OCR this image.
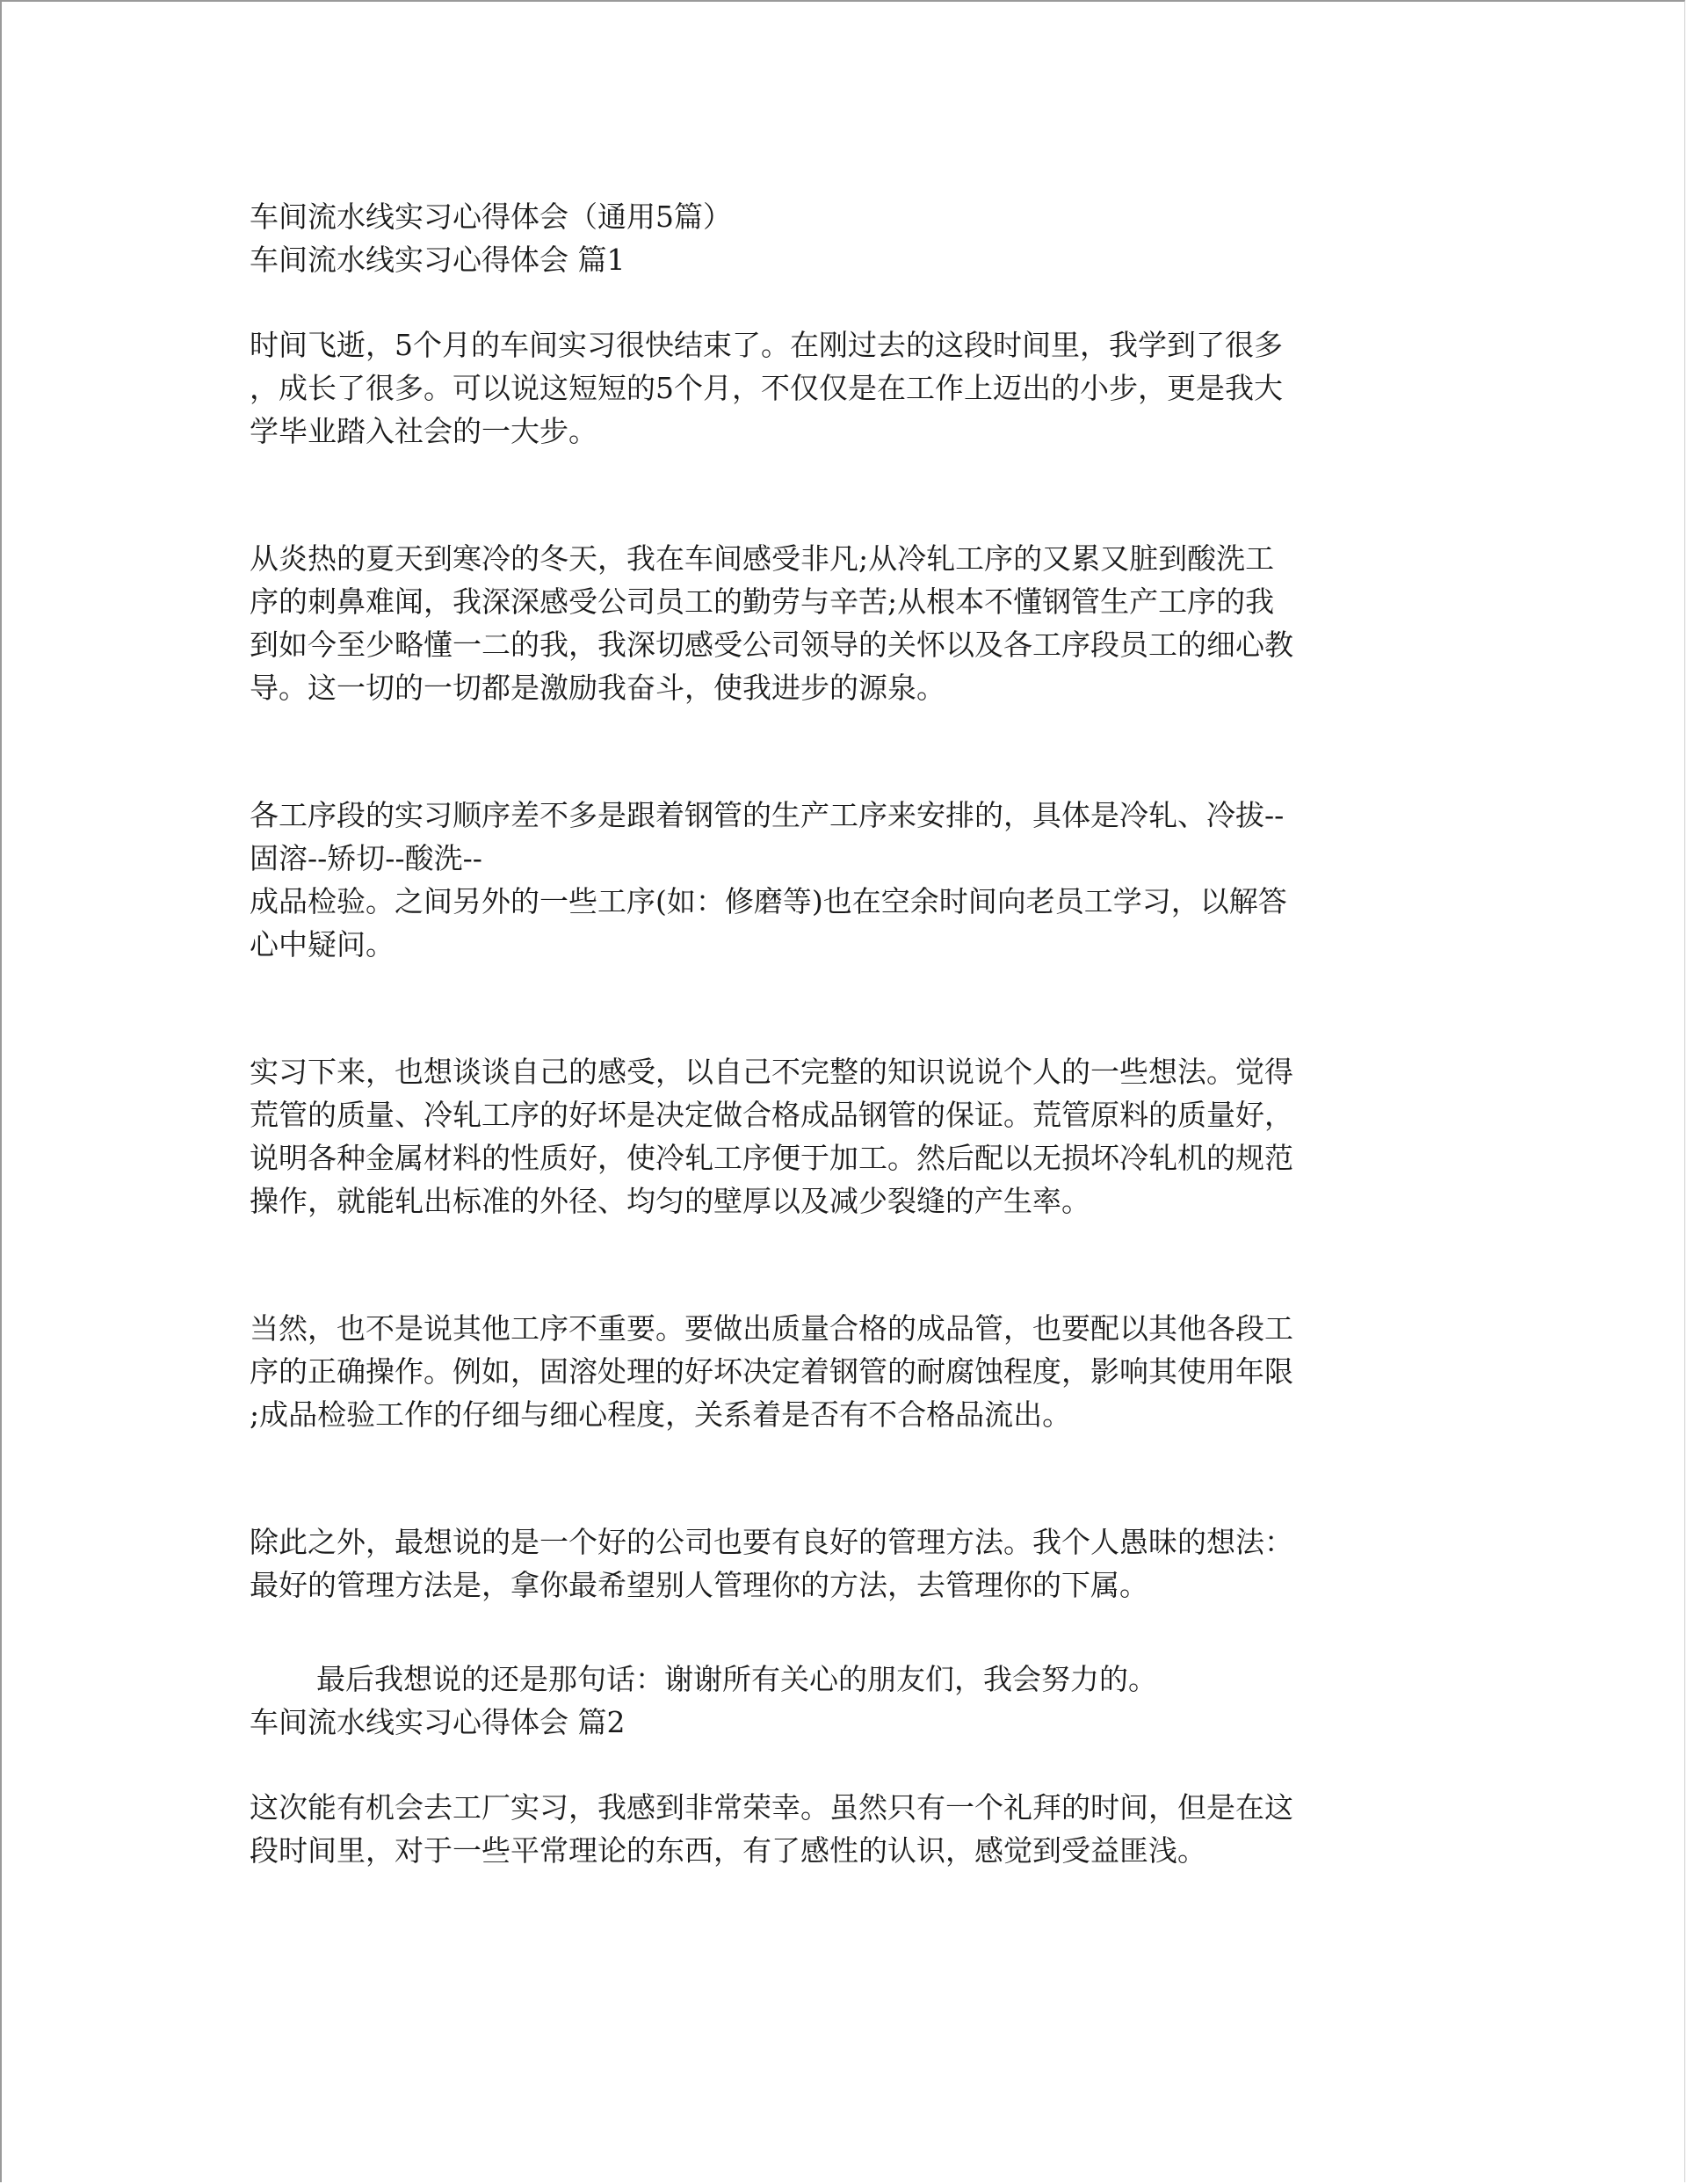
车间流水线实习心得体会（通用5篇）
车间流水线实习心得体会 篇1
时间飞逝，5个月的车间实习很快结束了。在刚过去的这段时间里，我学到了很多
，成长了很多。可以说这短短的5个月，不仅仅是在工作上迈出的小步，更是我大
学毕业踏入社会的一大步。
从炎热的夏天到寒冷的冬天，我在车间感受非凡;从冷轧工序的又累又脏到酸洗工
序的刺鼻难闻，我深深感受公司员工的勤劳与辛苦;从根本不懂钢管生产工序的我
到如今至少略懂一二的我，我深切感受公司领导的关怀以及各工序段员工的细心教
导。这一切的一切都是激励我奋斗，使我进步的源泉。
各工序段的实习顺序差不多是跟着钢管的生产工序来安排的，具体是冷轧、冷拔--
固溶--矫切--酸洗--
成品检验。之间另外的一些工序(如：修磨等)也在空余时间向老员工学习，以解答
心中疑问。
实习下来，也想谈谈自己的感受，以自己不完整的知识说说个人的一些想法。觉得
荒管的质量、冷轧工序的好坏是决定做合格成品钢管的保证。荒管原料的质量好，
说明各种金属材料的性质好，使冷轧工序便于加工。然后配以无损坏冷轧机的规范
操作，就能轧出标准的外径、均匀的壁厚以及减少裂缝的产生率。
当然，也不是说其他工序不重要。要做出质量合格的成品管，也要配以其他各段工
序的正确操作。例如，固溶处理的好坏决定着钢管的耐腐蚀程度，影响其使用年限
;成品检验工作的仔细与细心程度，关系着是否有不合格品流出。
除此之外，最想说的是一个好的公司也要有良好的管理方法。我个人愚昧的想法：
最好的管理方法是，拿你最希望别人管理你的方法，去管理你的下属。
最后我想说的还是那句话：谢谢所有关心的朋友们，我会努力的。
车间流水线实习心得体会 篇2
这次能有机会去工厂实习，我感到非常荣幸。虽然只有一个礼拜的时间，但是在这
段时间里，对于一些平常理论的东西，有了感性的认识，感觉到受益匪浅。
